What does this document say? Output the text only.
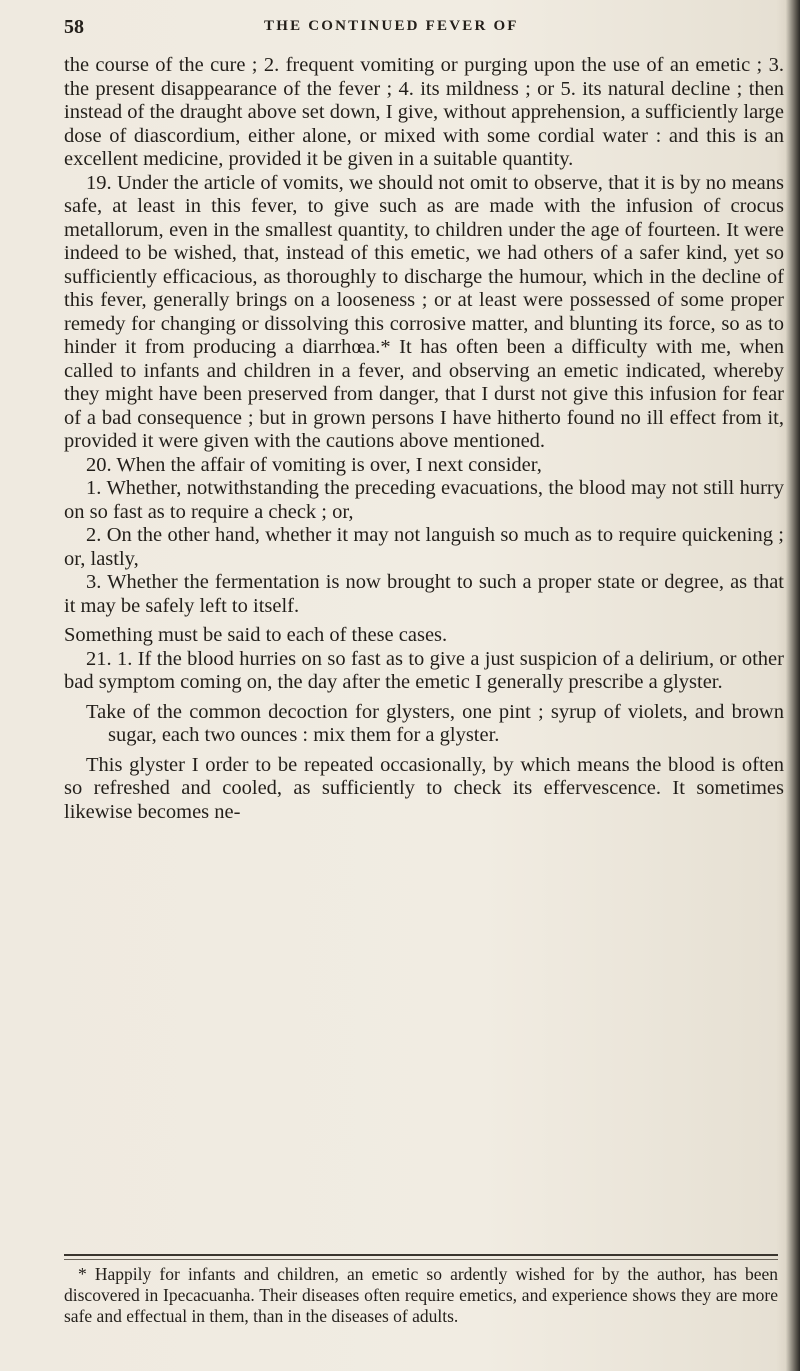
58	THE CONTINUED FEVER OF

the course of the cure ; 2. frequent vomiting or purging upon the use of an emetic ; 3. the present disappearance of the fever ; 4. its mildness ; or 5. its natural decline ; then instead of the draught above set down, I give, without apprehension, a sufficiently large dose of diascordium, either alone, or mixed with some cordial water : and this is an excellent medicine, provided it be given in a suitable quantity.

19. Under the article of vomits, we should not omit to observe, that it is by no means safe, at least in this fever, to give such as are made with the infusion of crocus metallorum, even in the smallest quantity, to children under the age of fourteen. It were indeed to be wished, that, instead of this emetic, we had others of a safer kind, yet so sufficiently efficacious, as thoroughly to discharge the humour, which in the decline of this fever, generally brings on a looseness ; or at least were possessed of some proper remedy for changing or dissolving this corrosive matter, and blunting its force, so as to hinder it from producing a diarrhœa.* It has often been a difficulty with me, when called to infants and children in a fever, and observing an emetic indicated, whereby they might have been preserved from danger, that I durst not give this infusion for fear of a bad consequence ; but in grown persons I have hitherto found no ill effect from it, provided it were given with the cautions above mentioned.

20. When the affair of vomiting is over, I next consider,

1. Whether, notwithstanding the preceding evacuations, the blood may not still hurry on so fast as to require a check ; or,

2. On the other hand, whether it may not languish so much as to require quickening ; or, lastly,

3. Whether the fermentation is now brought to such a proper state or degree, as that it may be safely left to itself.

Something must be said to each of these cases.

21. 1. If the blood hurries on so fast as to give a just suspicion of a delirium, or other bad symptom coming on, the day after the emetic I generally prescribe a glyster.

Take of the common decoction for glysters, one pint ; syrup of violets, and brown sugar, each two ounces : mix them for a glyster.

This glyster I order to be repeated occasionally, by which means the blood is often so refreshed and cooled, as sufficiently to check its effervescence. It sometimes likewise becomes ne-

* Happily for infants and children, an emetic so ardently wished for by the author, has been discovered in Ipecacuanha. Their diseases often require emetics, and experience shows they are more safe and effectual in them, than in the diseases of adults.
